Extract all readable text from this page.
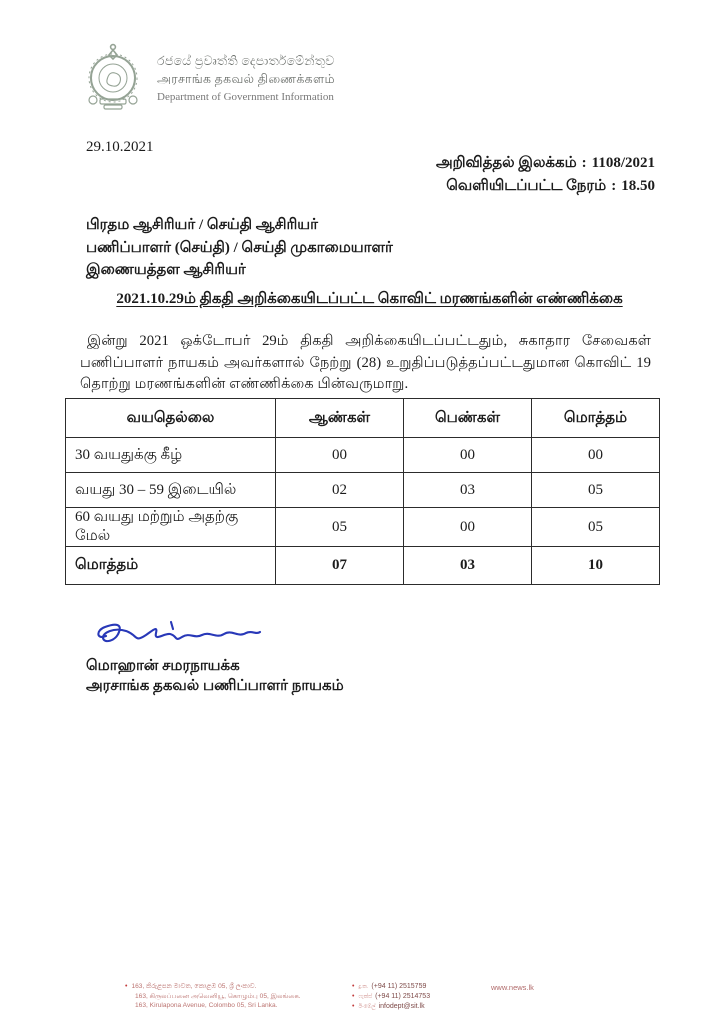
රජයේ ප්‍රවෘත්ති දෙපාර්තමේන්තුව
அரசாங்க தகவல் திணைக்களம்
Department of Government Information
29.10.2021
அறிவித்தல் இலக்கம் : 1108/2021
வெளியிடப்பட்ட நேரம் : 18.50
பிரதம ஆசிரியர் / செய்தி ஆசிரியர்
பணிப்பாளர் (செய்தி) / செய்தி முகாமையாளர்
இணையத்தள ஆசிரியர்
2021.10.29ம் திகதி அறிக்கையிடப்பட்ட கொவிட் மரணங்களின் எண்ணிக்கை
இன்று 2021 ஒக்டோபர் 29ம் திகதி அறிக்கையிடப்பட்டதும், சுகாதார சேவைகள் பணிப்பாளர் நாயகம் அவர்களால் நேற்று (28) உறுதிப்படுத்தப்பட்டதுமான கொவிட் 19 தொற்று மரணங்களின் எண்ணிக்கை பின்வருமாறு.
வயதெல்லை	ஆண்கள்	பெண்கள்	மொத்தம்
30 வயதுக்கு கீழ்	00	00	00
வயது 30 – 59 இடையில்	02	03	05
60 வயது மற்றும் அதற்கு மேல்	05	00	05
மொத்தம்	07	03	10
மொஹான் சமரநாயக்க
அரசாங்க தகவல் பணிப்பாளர் நாயகம்
• 163, කිරුළපන මාවත, කොළඹ 05, ශ්‍රී ලංකාව.
163, கிருலப்பனை அவெனியூ, கொழும்பு 05, இலங்கை.
163, Kirulapona Avenue, Colombo 05, Sri Lanka.
• දු.ක. (+94 11) 2515759
• ෆැක්ස් (+94 11) 2514753
• ඊ-මේල් infodept@sit.lk
www.news.lk
